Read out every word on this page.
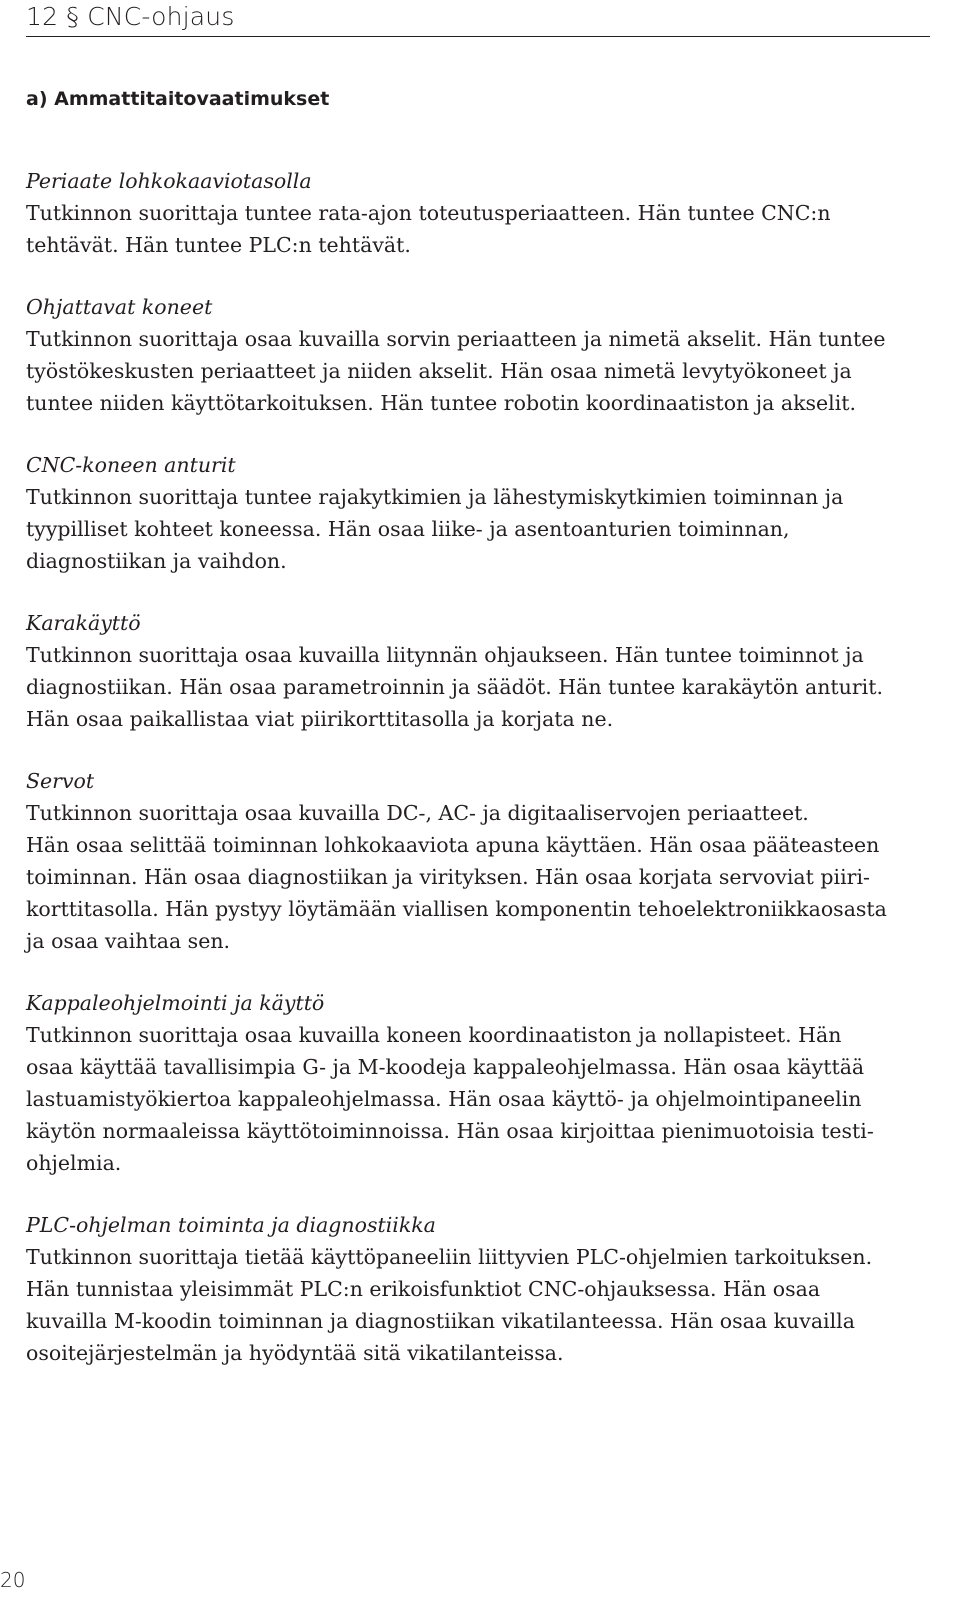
12 § CNC-ohjaus
a) Ammattitaitovaatimukset

Periaate lohkokaaviotasolla

Tutkinnon suorittaja tuntee rata-ajon toteutusperiaatteen. Hän tuntee CNC:n

tehtävät. Hän tuntee PLC:n tehtävät.

Ohjattavat koneet

Tutkinnon suorittaja osaa kuvailla sorvin periaatteen ja nimetä akselit. Hän tuntee

työstökeskusten periaatteet ja niiden akselit. Hän osaa nimetä levytyökoneet ja

tuntee niiden käyttötarkoituksen. Hän tuntee robotin koordinaatiston ja akselit.

CNC-koneen anturit

Tutkinnon suorittaja tuntee rajakytkimien ja lähestymiskytkimien toiminnan ja

tyypilliset kohteet koneessa. Hän osaa liike- ja asentoanturien toiminnan,

diagnostiikan ja vaihdon.

Karakäyttö

Tutkinnon suorittaja osaa kuvailla liitynnän ohjaukseen. Hän tuntee toiminnot ja

diagnostiikan. Hän osaa parametroinnin ja säädöt. Hän tuntee karakäytön anturit.

Hän osaa paikallistaa viat piirikorttitasolla ja korjata ne.

Servot

Tutkinnon suorittaja osaa kuvailla DC-, AC- ja digitaaliservojen periaatteet.

Hän osaa selittää toiminnan lohkokaaviota apuna käyttäen. Hän osaa pääteasteen

toiminnan. Hän osaa diagnostiikan ja virityksen. Hän osaa korjata servoviat piiri-

korttitasolla. Hän pystyy löytämään viallisen komponentin tehoelektroniikkaosasta

ja osaa vaihtaa sen.

Kappaleohjelmointi ja käyttö

Tutkinnon suorittaja osaa kuvailla koneen koordinaatiston ja nollapisteet. Hän

osaa käyttää tavallisimpia G- ja M-koodeja kappaleohjelmassa. Hän osaa käyttää

lastuamistyökiertoa kappaleohjelmassa. Hän osaa käyttö- ja ohjelmointipaneelin

käytön normaaleissa käyttötoiminnoissa. Hän osaa kirjoittaa pienimuotoisia testi-

ohjelmia.

PLC-ohjelman toiminta ja diagnostiikka

Tutkinnon suorittaja tietää käyttöpaneeliin liittyvien PLC-ohjelmien tarkoituksen.

Hän tunnistaa yleisimmät PLC:n erikoisfunktiot CNC-ohjauksessa. Hän osaa

kuvailla M-koodin toiminnan ja diagnostiikan vikatilanteessa. Hän osaa kuvailla

osoitejärjestelmän ja hyödyntää sitä vikatilanteissa.

20
